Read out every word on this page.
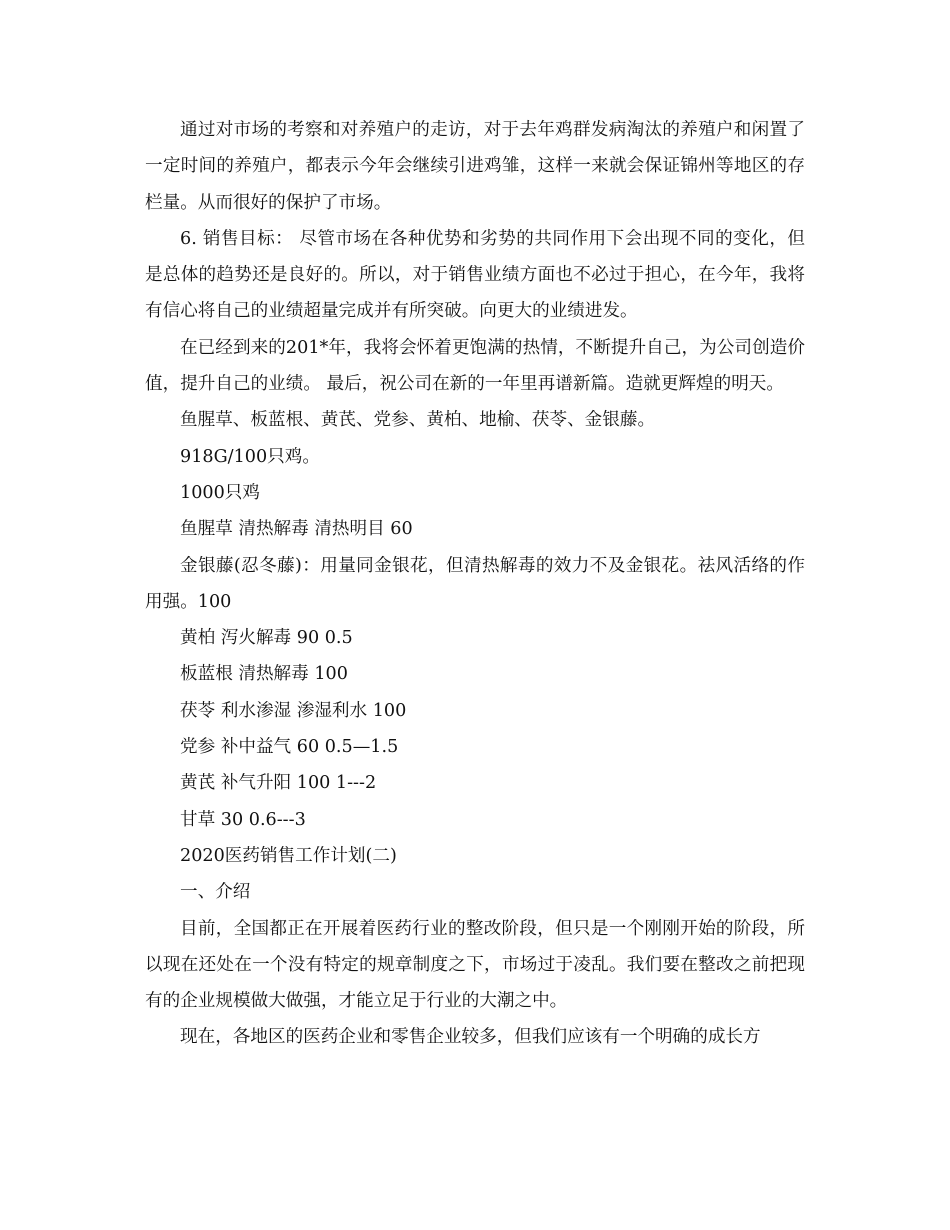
通过对市场的考察和对养殖户的走访，对于去年鸡群发病淘汰的养殖户和闲置了一定时间的养殖户，都表示今年会继续引进鸡雏，这样一来就会保证锦州等地区的存栏量。从而很好的保护了市场。

6. 销售目标： 尽管市场在各种优势和劣势的共同作用下会出现不同的变化，但是总体的趋势还是良好的。所以，对于销售业绩方面也不必过于担心，在今年，我将有信心将自己的业绩超量完成并有所突破。向更大的业绩进发。

在已经到来的201*年，我将会怀着更饱满的热情，不断提升自己，为公司创造价值，提升自己的业绩。 最后，祝公司在新的一年里再谱新篇。造就更辉煌的明天。

鱼腥草、板蓝根、黄芪、党参、黄柏、地榆、茯苓、金银藤。

918G/100只鸡。

1000只鸡

鱼腥草 清热解毒 清热明目 60

金银藤(忍冬藤)：用量同金银花，但清热解毒的效力不及金银花。祛风活络的作用强。100

黄柏 泻火解毒 90 0.5

板蓝根 清热解毒 100

茯苓 利水渗湿 渗湿利水 100

党参 补中益气 60 0.5—1.5

黄芪 补气升阳 100 1---2

甘草 30 0.6---3

2020医药销售工作计划(二)

一、介绍

目前，全国都正在开展着医药行业的整改阶段，但只是一个刚刚开始的阶段，所以现在还处在一个没有特定的规章制度之下，市场过于凌乱。我们要在整改之前把现有的企业规模做大做强，才能立足于行业的大潮之中。

现在，各地区的医药企业和零售企业较多，但我们应该有一个明确的成长方
